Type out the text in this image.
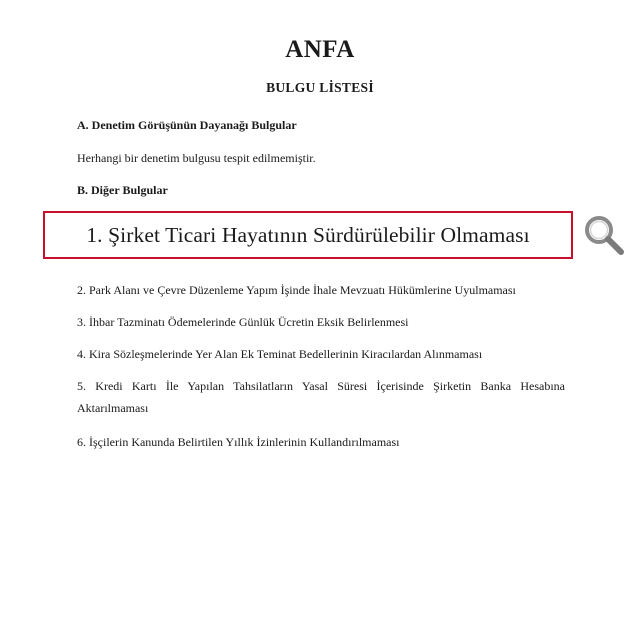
ANFA
BULGU LİSTESİ
A. Denetim Görüşünün Dayanağı Bulgular
Herhangi bir denetim bulgusu tespit edilmemiştir.
B. Diğer Bulgular
1. Şirket Ticari Hayatının Sürdürülebilir Olmaması
2. Park Alanı ve Çevre Düzenleme Yapım İşinde İhale Mevzuatı Hükümlerine Uyulmaması
3. İhbar Tazminatı Ödemelerinde Günlük Ücretin Eksik Belirlenmesi
4. Kira Sözleşmelerinde Yer Alan Ek Teminat Bedellerinin Kiracılardan Alınmaması
5. Kredi Kartı İle Yapılan Tahsilatların Yasal Süresi İçerisinde Şirketin Banka Hesabına Aktarılmaması
6. İşçilerin Kanunda Belirtilen Yıllık İzinlerinin Kullandırılmaması
